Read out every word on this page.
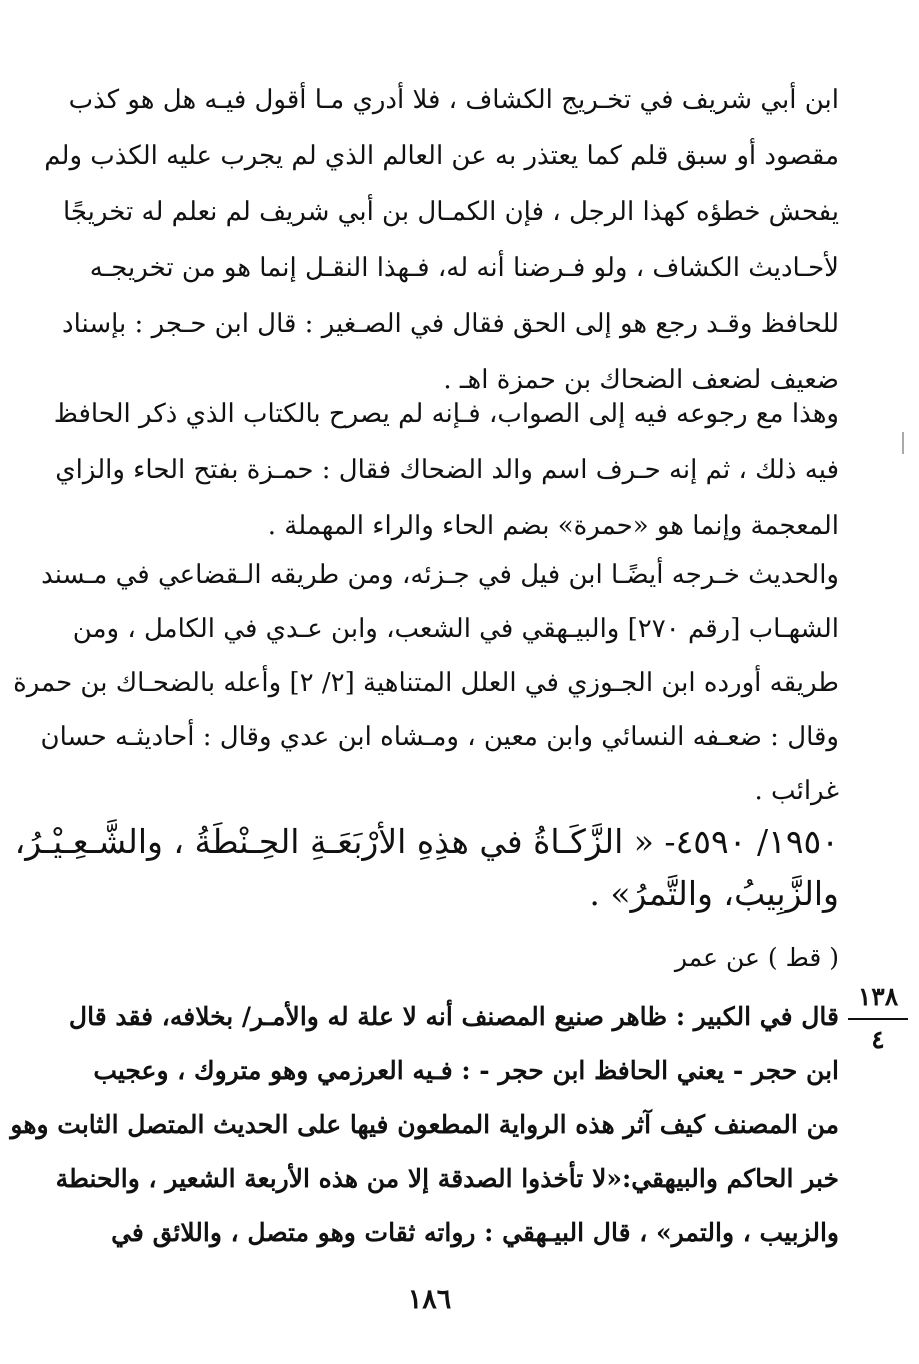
ابن أبي شريف في تخـريج الكشاف ، فلا أدري مـا أقول فيـه هل هو كذب
مقصود أو سبق قلم كما يعتذر به عن العالم الذي لم يجرب عليه الكذب ولم
يفحش خطؤه كهذا الرجل ، فإن الكمـال بن أبي شريف لم نعلم له تخريجًا
لأحـاديث الكشاف ، ولو فـرضنا أنه له، فـهذا النقـل إنما هو من تخريجـه
للحافظ وقـد رجع هو إلى الحق فقال في الصـغير : قال ابن حـجر : بإسناد
ضعيف لضعف الضحاك بن حمزة اهـ .
وهذا مع رجوعه فيه إلى الصواب، فـإنه لم يصرح بالكتاب الذي ذكر الحافظ
فيه ذلك ، ثم إنه حـرف اسم والد الضحاك فقال : حمـزة بفتح الحاء والزاي
المعجمة وإنما هو «حمرة» بضم الحاء والراء المهملة .
والحديث خـرجه أيضًـا ابن فيل في جـزئه، ومن طريقه الـقضاعي في مـسند
الشهـاب [رقم ٢٧٠] والبيـهقي في الشعب، وابن عـدي في الكامل ، ومن
طريقه أورده ابن الجـوزي في العلل المتناهية [٢/ ٢] وأعله بالضحـاك بن حمرة
وقال : ضعـفه النسائي وابن معين ، ومـشاه ابن عدي وقال : أحاديثـه حسان
غرائب .
١٩٥٠/ ٤٥٩٠- « الزَّكَـاةُ في هذِهِ الأرْبَعَـةِ الحِـنْطَةُ ، والشَّـعِـيْـرُ،
والزَّبِيبُ، والتَّمرُ» .
( قط ) عن عمر
١٣٨
٤
قال في الكبير : ظاهر صنيع المصنف أنه لا علة له والأمـر/ بخلافه، فقد قال
ابن حجر - يعني الحافظ ابن حجر - : فـيه العرزمي وهو متروك ، وعجيب
من المصنف كيف آثر هذه الرواية المطعون فيها على الحديث المتصل الثابت وهو
خبر الحاكم والبيهقي:«لا تأخذوا الصدقة إلا من هذه الأربعة الشعير ، والحنطة
والزبيب ، والتمر» ، قال البيـهقي : رواته ثقات وهو متصل ، واللائق في
١٨٦
